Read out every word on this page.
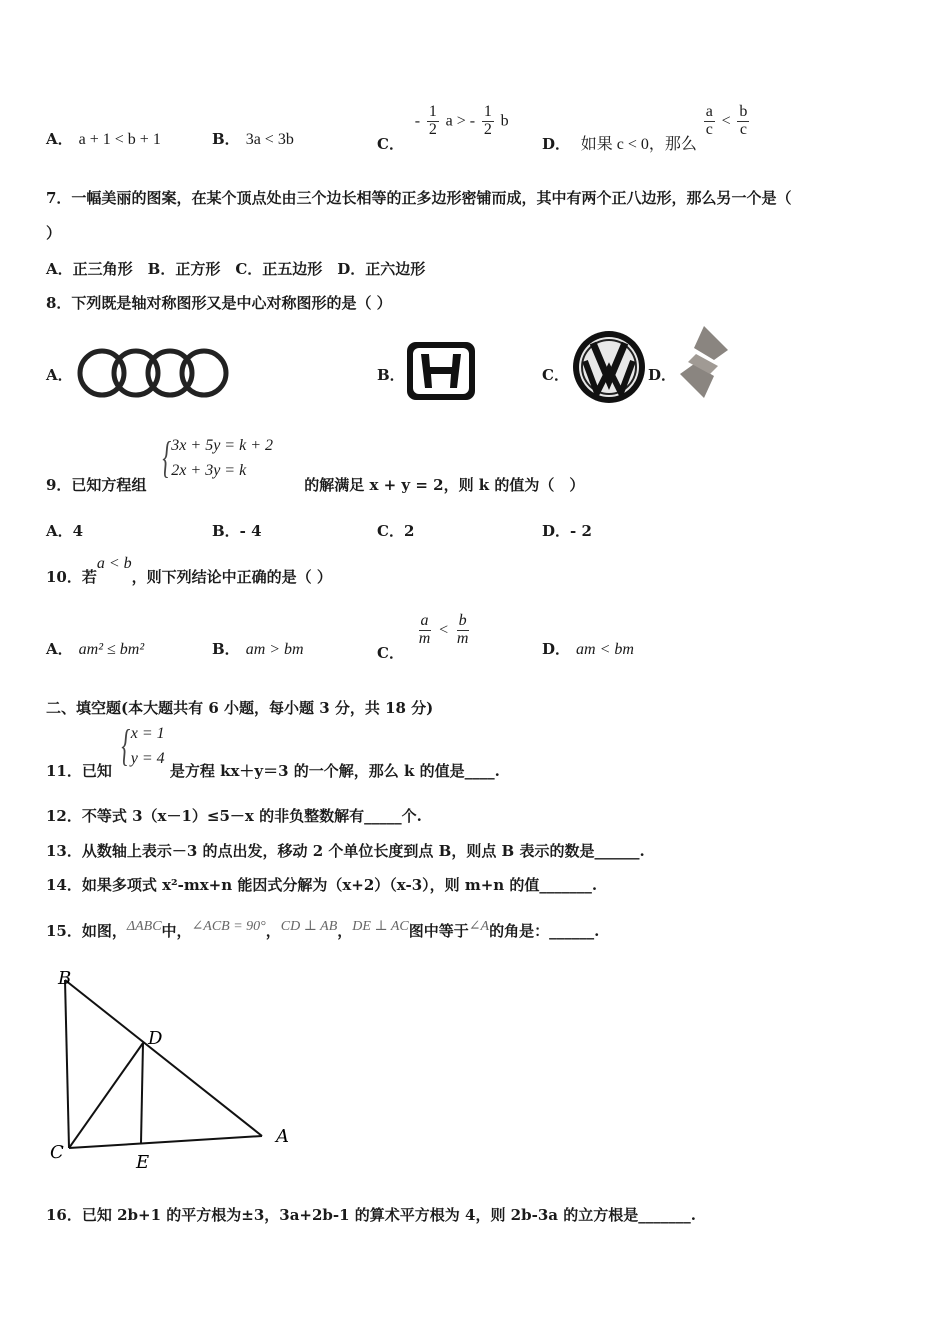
A． a + 1 < b + 1	B． 3a < 3b	C． - $\frac{1}{2}$ a > - $\frac{1}{2}$ b
D． 如果 c < 0，那么
$\frac{a}{c} < \frac{b}{c}$
7．一幅美丽的图案，在某个顶点处由三个边长相等的正多边形密铺而成，其中有两个正八边形，那么另一个是（
）
A．正三角形　B．正方形　C．正五边形　D．正六边形
8．下列既是轴对称图形又是中心对称图形的是（ ）
A．	B．	C．	D．
9．已知方程组
{ 3x + 5y = k + 2
2x + 3y = k
的解满足 x + y = 2，则 k 的值为（　）
A．4	B．- 4	C．2	D．- 2
10．若a < b，则下列结论中正确的是（ ）
A． am² ≤ bm²	B． am > bm	C．
$\frac{a}{m} < \frac{b}{m}$
D． am < bm
二、填空题(本大题共有 6 小题，每小题 3 分，共 18 分)
11．已知
{ x = 1
y = 4
是方程 kx＋y＝3 的一个解，那么 k 的值是____.
12．不等式 3（x－1）≤5－x 的非负整数解有_____个.
13．从数轴上表示－3 的点出发，移动 2 个单位长度到点 B，则点 B 表示的数是______.
14．如果多项式 x²-mx+n 能因式分解为（x+2）（x-3），则 m+n 的值_______.
15．如图，ΔABC中，∠ACB = 90°，CD ⊥ AB，DE ⊥ AC图中等于∠A的角是：______.
B
D
C	E
A
16．已知 2b+1 的平方根为±3，3a+2b-1 的算术平方根为 4，则 2b-3a 的立方根是_______.
